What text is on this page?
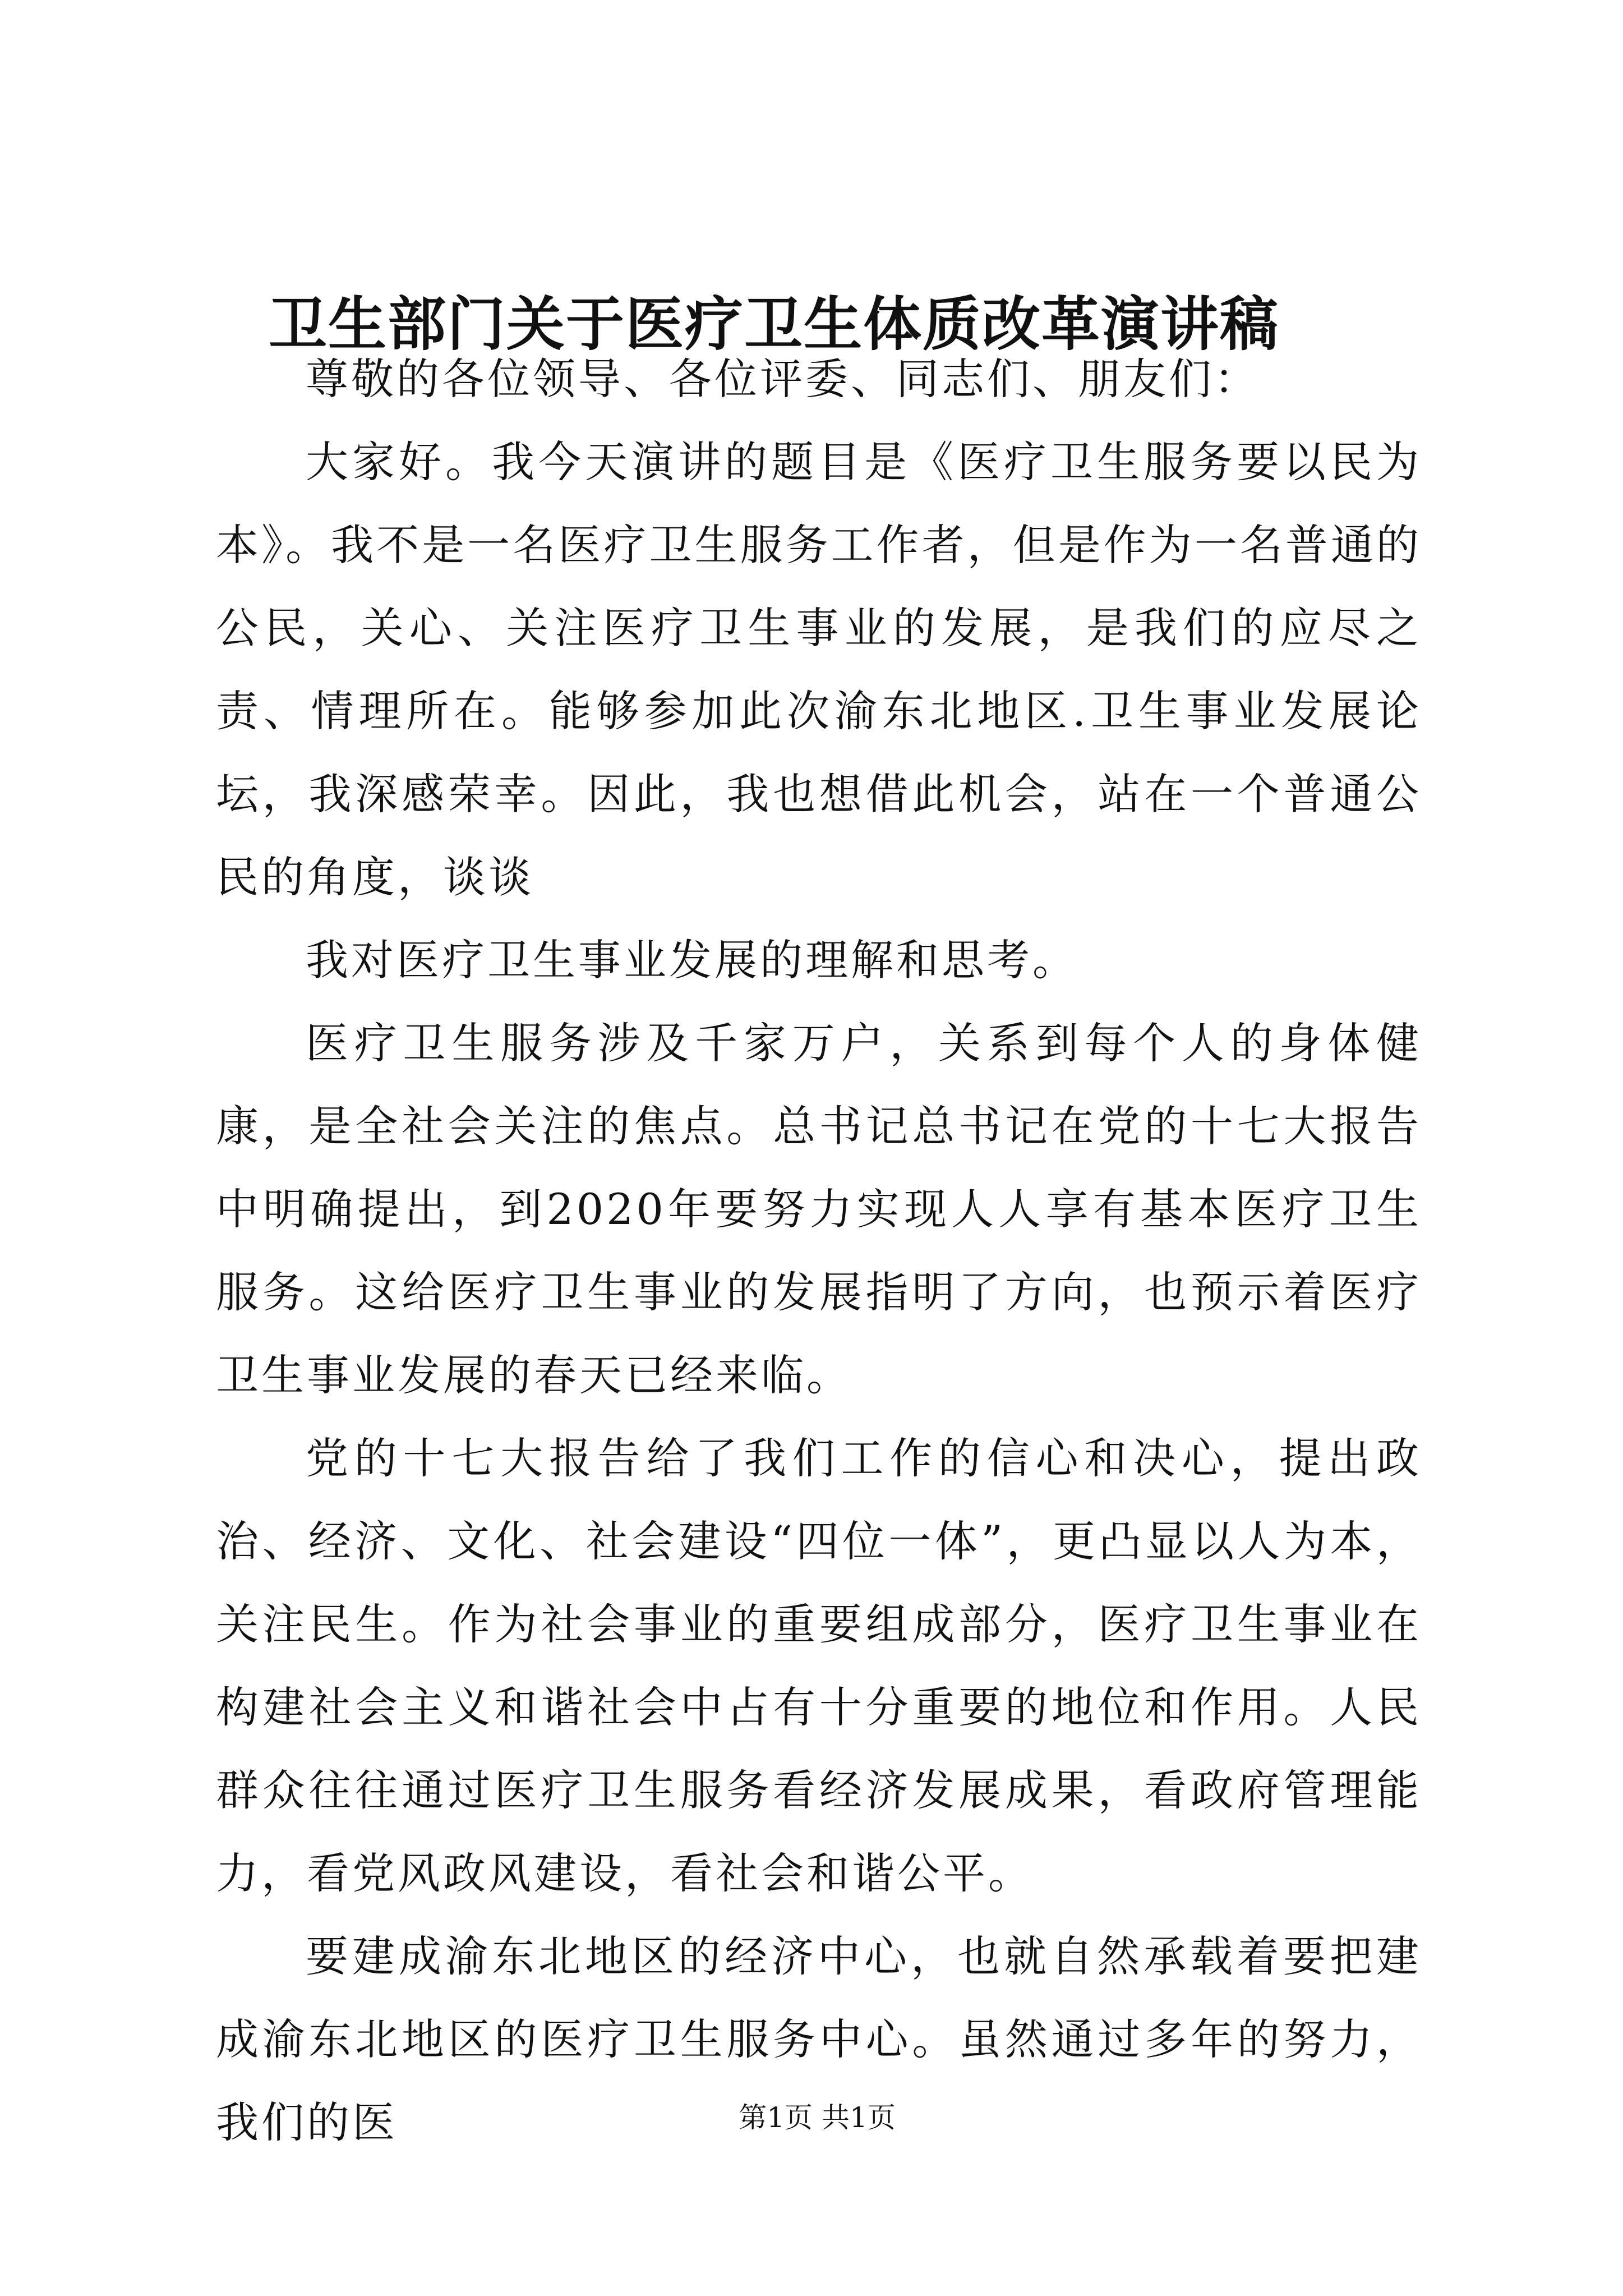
卫生部门关于医疗卫生体质改革演讲稿

尊敬的各位领导、各位评委、同志们、朋友们：

大家好。我今天演讲的题目是《医疗卫生服务要以民为本》。我不是一名医疗卫生服务工作者，但是作为一名普通的公民，关心、关注医疗卫生事业的发展，是我们的应尽之责、情理所在。能够参加此次渝东北地区.卫生事业发展论坛，我深感荣幸。因此，我也想借此机会，站在一个普通公民的角度，谈谈

我对医疗卫生事业发展的理解和思考。

医疗卫生服务涉及千家万户，关系到每个人的身体健康，是全社会关注的焦点。总书记总书记在党的十七大报告中明确提出，到2020年要努力实现人人享有基本医疗卫生服务。这给医疗卫生事业的发展指明了方向，也预示着医疗卫生事业发展的春天已经来临。

党的十七大报告给了我们工作的信心和决心，提出政治、经济、文化、社会建设“四位一体”，更凸显以人为本，关注民生。作为社会事业的重要组成部分，医疗卫生事业在构建社会主义和谐社会中占有十分重要的地位和作用。人民群众往往通过医疗卫生服务看经济发展成果，看政府管理能力，看党风政风建设，看社会和谐公平。

要建成渝东北地区的经济中心，也就自然承载着要把建成渝东北地区的医疗卫生服务中心。虽然通过多年的努力，我们的医	第1页 共1页
